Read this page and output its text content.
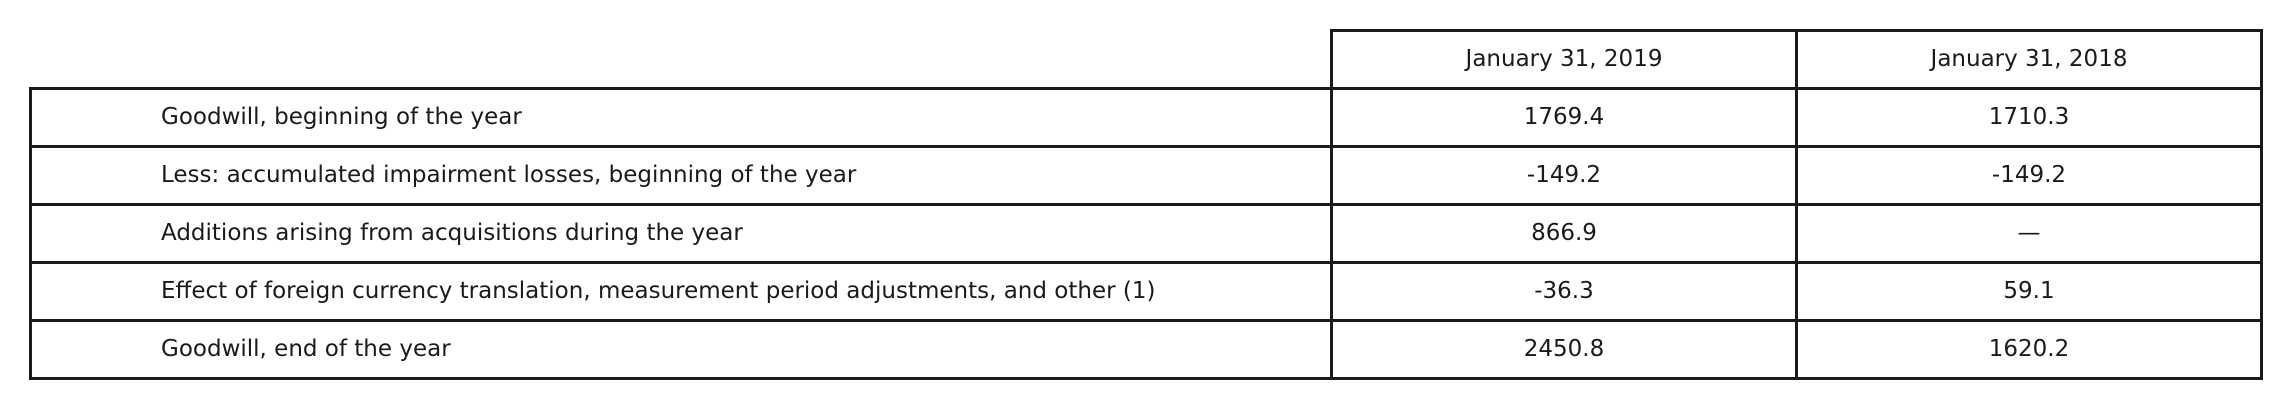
	January 31, 2019	January 31, 2018
Goodwill, beginning of the year	1769.4	1710.3
Less: accumulated impairment losses, beginning of the year	-149.2	-149.2
Additions arising from acquisitions during the year	866.9	—
Effect of foreign currency translation, measurement period adjustments, and other (1)	-36.3	59.1
Goodwill, end of the year	2450.8	1620.2
